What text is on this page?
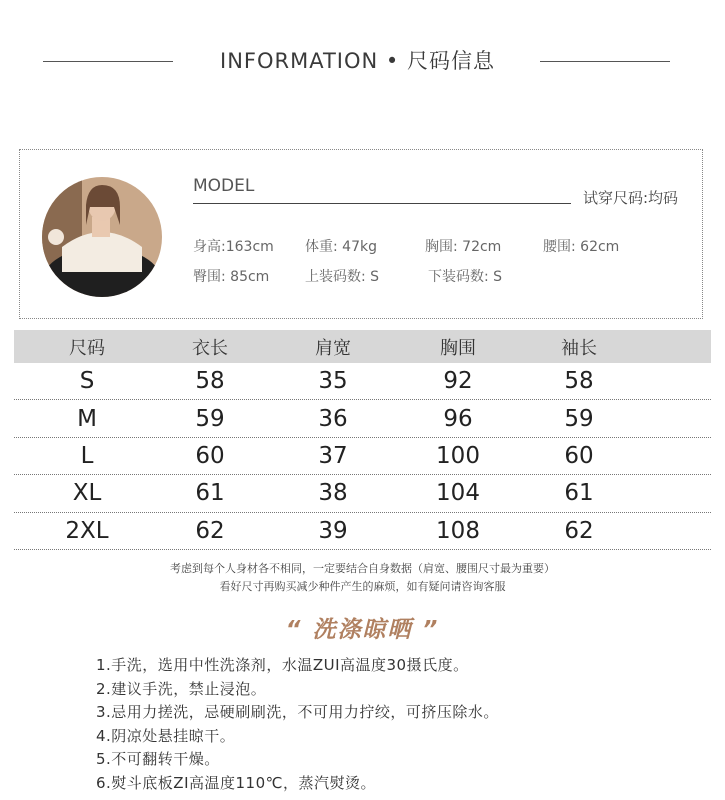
INFORMATION • 尺码信息
MODEL
试穿尺码:均码
身高:163cm 体重: 47kg	胸围: 72cm	腰围: 62cm
臀围: 85cm	上装码数: S	下装码数: S
尺码	衣长	肩宽	胸围	袖长
S	58	35	92	58
M	59	36	96	59
L	60	37	100	60
XL	61	38	104	61
2XL	62	39	108	62
考虑到每个人身材各不相同，一定要结合自身数据（肩宽、腰围尺寸最为重要）
看好尺寸再购买减少种件产生的麻烦，如有疑问请咨询客服
“ 洗涤晾晒 ”
1.手洗，选用中性洗涤剂，水温ZUI高温度30摄氏度。
2.建议手洗，禁止浸泡。
3.忌用力搓洗，忌硬刷刷洗，不可用力拧绞，可挤压除水。
4.阴凉处悬挂晾干。
5.不可翻转干燥。
6.熨斗底板ZI高温度110℃，蒸汽熨烫。
